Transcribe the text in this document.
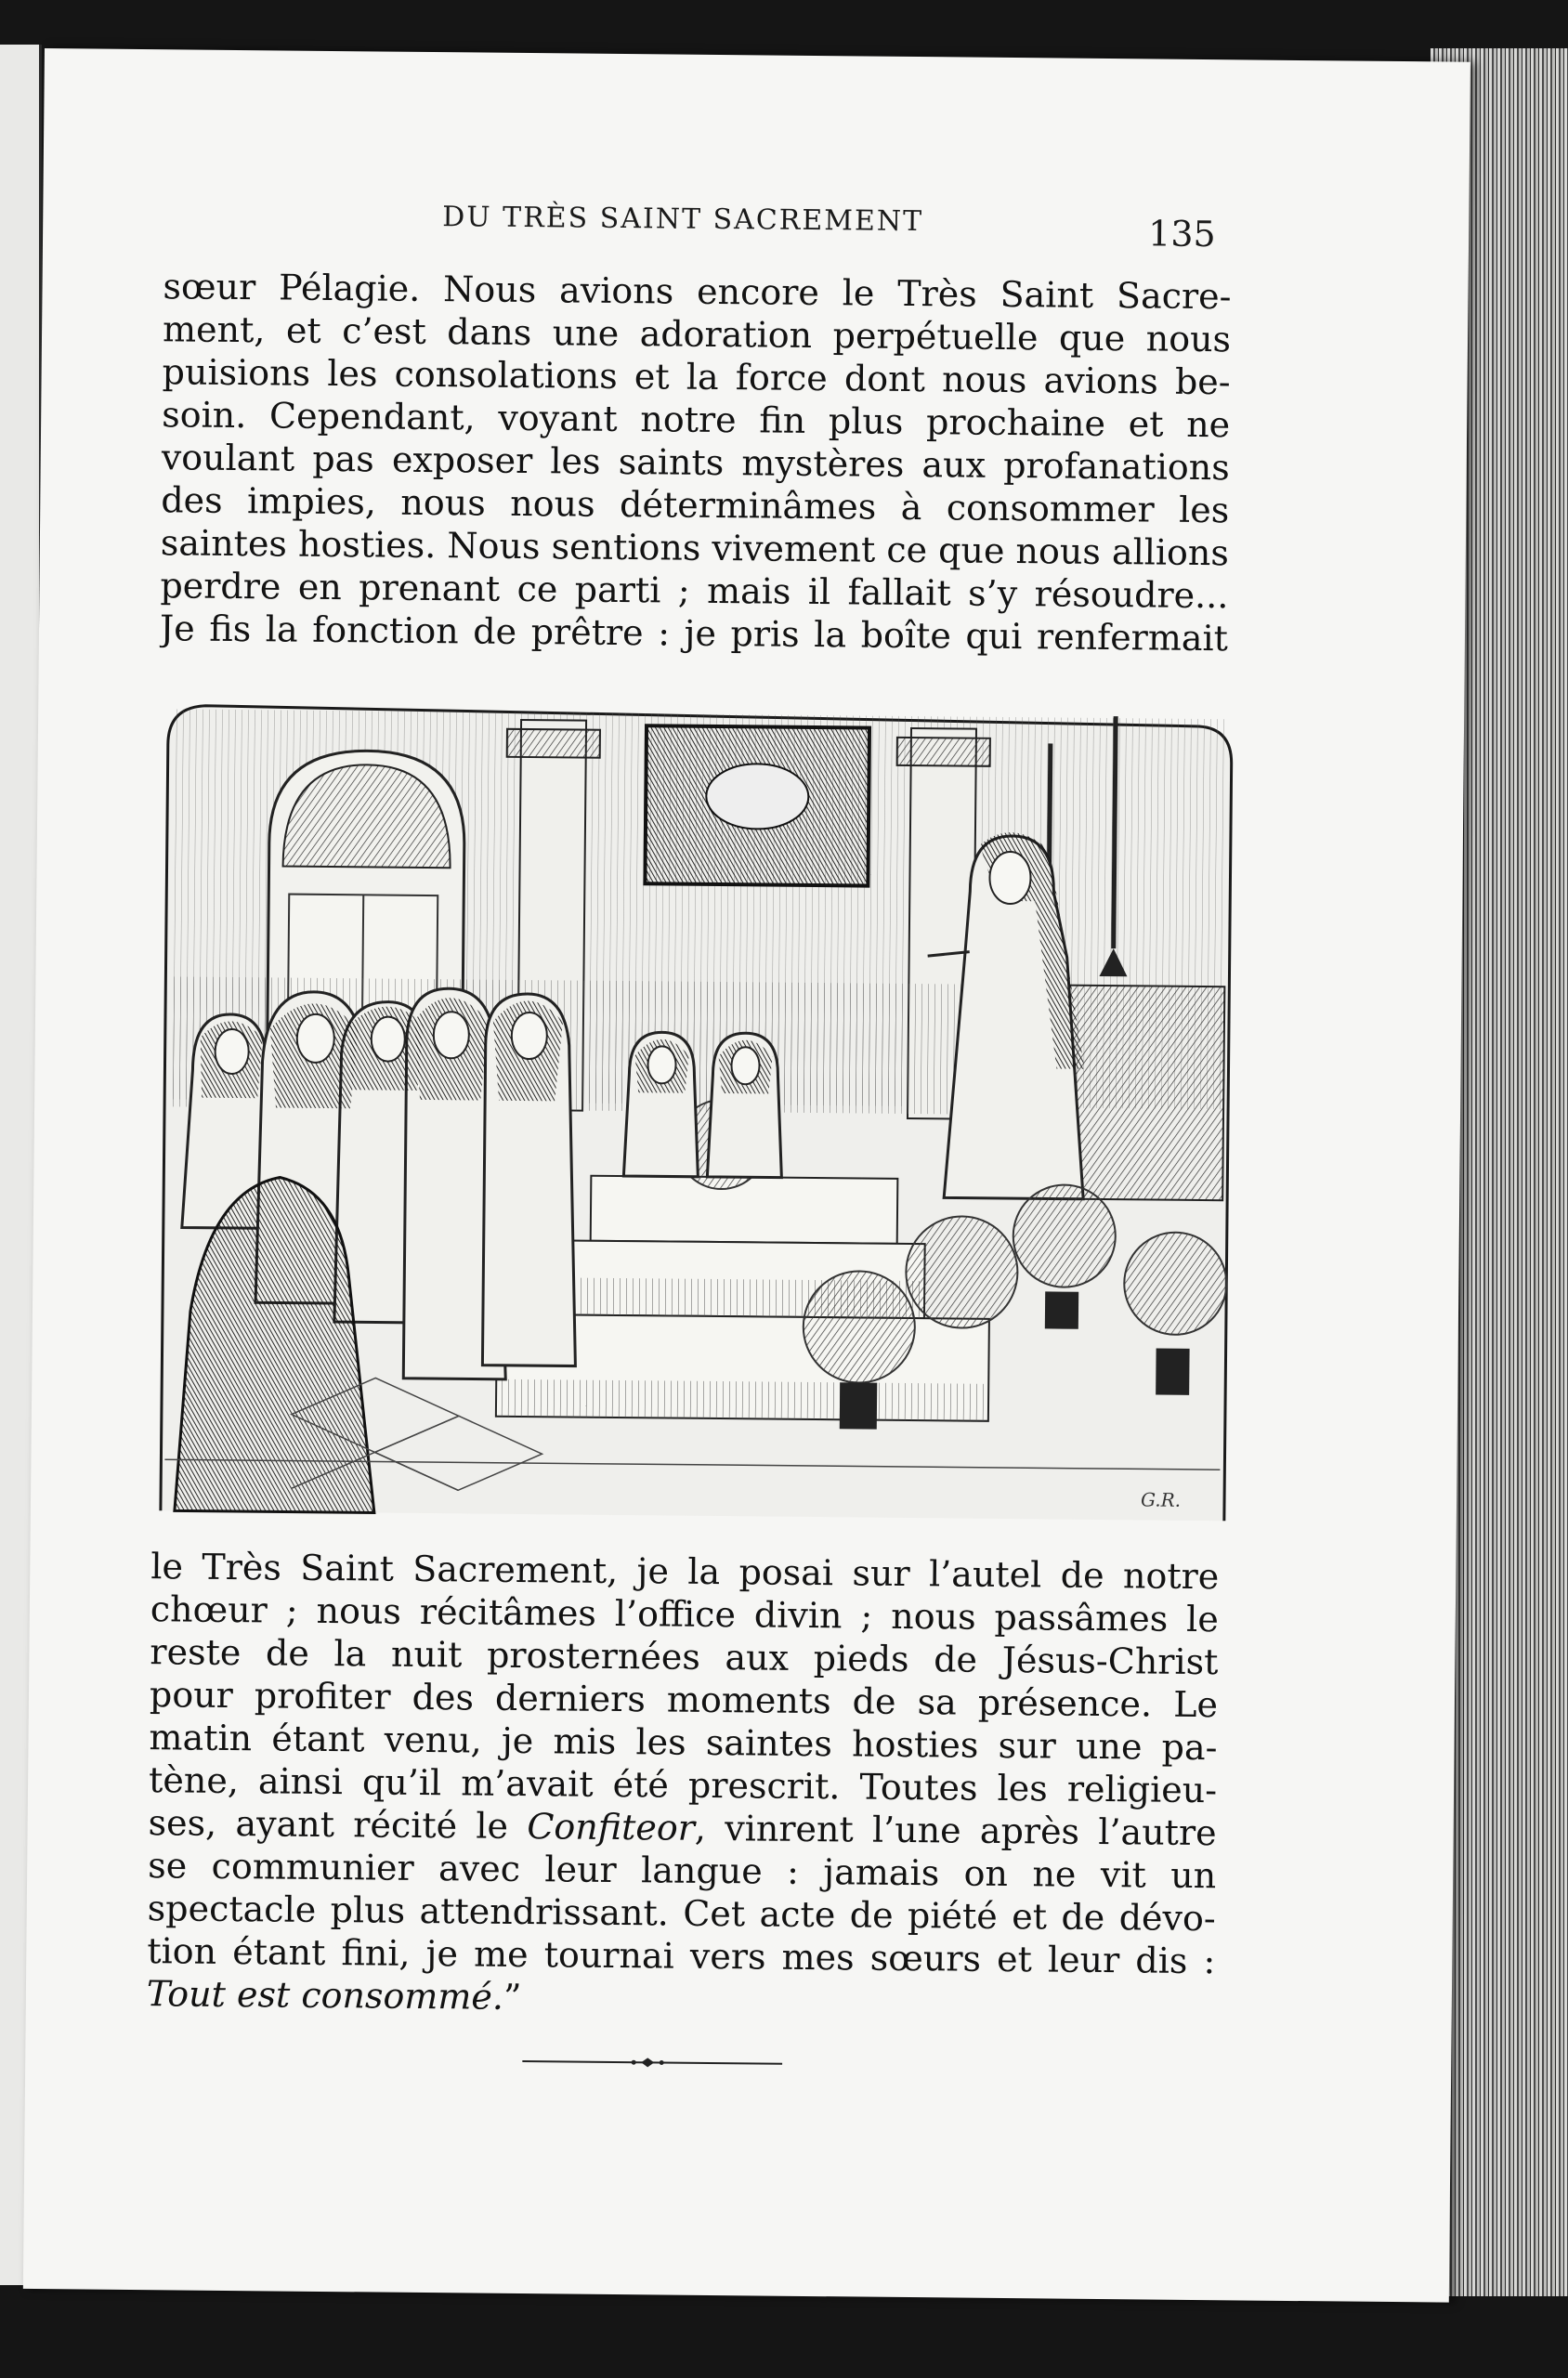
DU TRÈS SAINT SACREMENT	135

sœur Pélagie. Nous avions encore le Très Saint Sacre-
ment, et c’est dans une adoration perpétuelle que nous
puisions les consolations et la force dont nous avions be-
soin. Cependant, voyant notre fin plus prochaine et ne
voulant pas exposer les saints mystères aux profanations
des impies, nous nous déterminâmes à consommer les
saintes hosties. Nous sentions vivement ce que nous allions
perdre en prenant ce parti ; mais il fallait s’y résoudre...
Je fis la fonction de prêtre : je pris la boîte qui renfermait

G.R.

le Très Saint Sacrement, je la posai sur l’autel de notre
chœur ; nous récitâmes l’office divin ; nous passâmes le
reste de la nuit prosternées aux pieds de Jésus-Christ
pour profiter des derniers moments de sa présence. Le
matin étant venu, je mis les saintes hosties sur une pa-
tène, ainsi qu’il m’avait été prescrit. Toutes les religieu-
ses, ayant récité le Confiteor, vinrent l’une après l’autre
se communier avec leur langue : jamais on ne vit un
spectacle plus attendrissant. Cet acte de piété et de dévo-
tion étant fini, je me tournai vers mes sœurs et leur dis :
Tout est consommé.”
